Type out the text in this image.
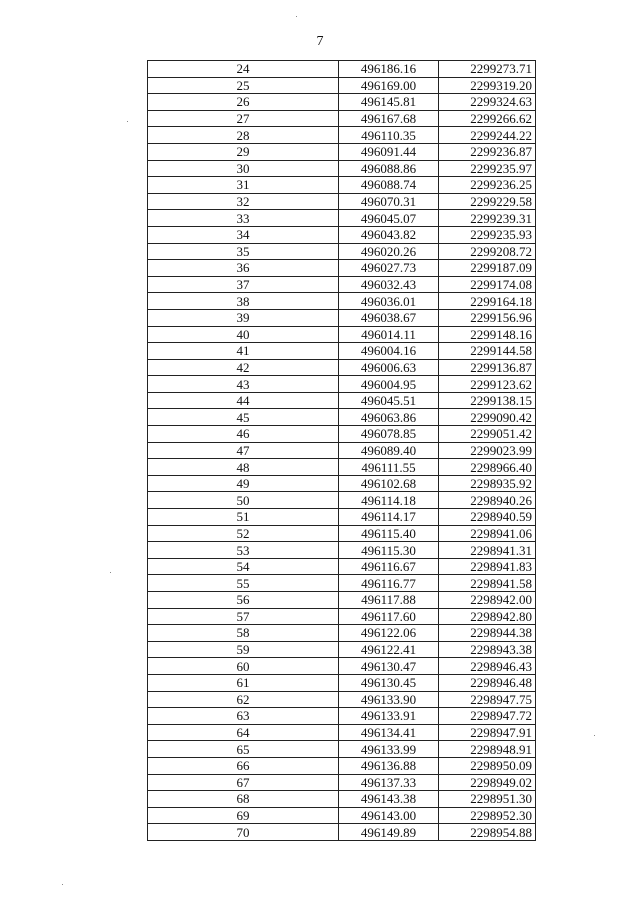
7
24	496186.16	2299273.71
25	496169.00	2299319.20
26	496145.81	2299324.63
27	496167.68	2299266.62
28	496110.35	2299244.22
29	496091.44	2299236.87
30	496088.86	2299235.97
31	496088.74	2299236.25
32	496070.31	2299229.58
33	496045.07	2299239.31
34	496043.82	2299235.93
35	496020.26	2299208.72
36	496027.73	2299187.09
37	496032.43	2299174.08
38	496036.01	2299164.18
39	496038.67	2299156.96
40	496014.11	2299148.16
41	496004.16	2299144.58
42	496006.63	2299136.87
43	496004.95	2299123.62
44	496045.51	2299138.15
45	496063.86	2299090.42
46	496078.85	2299051.42
47	496089.40	2299023.99
48	496111.55	2298966.40
49	496102.68	2298935.92
50	496114.18	2298940.26
51	496114.17	2298940.59
52	496115.40	2298941.06
53	496115.30	2298941.31
54	496116.67	2298941.83
55	496116.77	2298941.58
56	496117.88	2298942.00
57	496117.60	2298942.80
58	496122.06	2298944.38
59	496122.41	2298943.38
60	496130.47	2298946.43
61	496130.45	2298946.48
62	496133.90	2298947.75
63	496133.91	2298947.72
64	496134.41	2298947.91
65	496133.99	2298948.91
66	496136.88	2298950.09
67	496137.33	2298949.02
68	496143.38	2298951.30
69	496143.00	2298952.30
70	496149.89	2298954.88
